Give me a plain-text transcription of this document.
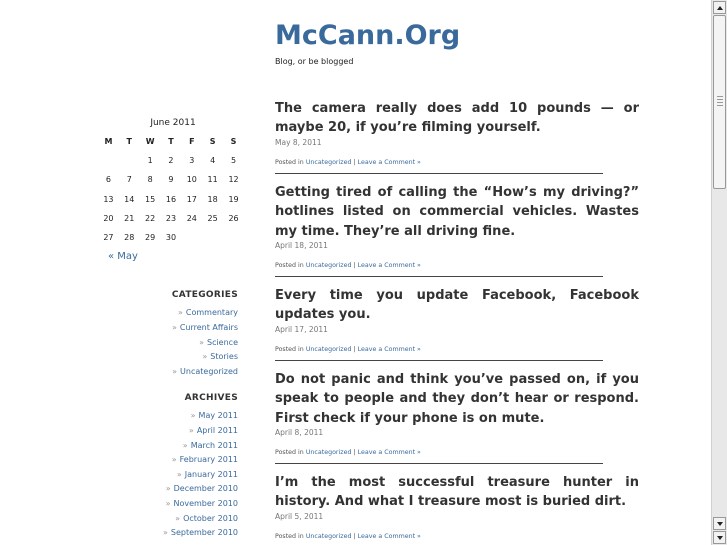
McCann.Org
Blog, or be blogged
June 2011
M	T	W	T	F	S	S
		1	2	3	4	5
6	7	8	9	10	11	12
13	14	15	16	17	18	19
20	21	22	23	24	25	26
27	28	29	30			
« May
CATEGORIES
» Commentary
» Current Affairs
» Science
» Stories
» Uncategorized
ARCHIVES
» May 2011
» April 2011
» March 2011
» February 2011
» January 2011
» December 2010
» November 2010
» October 2010
» September 2010
The camera really does add 10 pounds — or maybe 20, if you’re filming yourself.
May 8, 2011
Posted in Uncategorized | Leave a Comment »
Getting tired of calling the “How’s my driving?” hotlines listed on commercial vehicles. Wastes my time. They’re all driving fine.
April 18, 2011
Posted in Uncategorized | Leave a Comment »
Every time you update Facebook, Facebook updates you.
April 17, 2011
Posted in Uncategorized | Leave a Comment »
Do not panic and think you’ve passed on, if you speak to people and they don’t hear or respond. First check if your phone is on mute.
April 8, 2011
Posted in Uncategorized | Leave a Comment »
I’m the most successful treasure hunter in history. And what I treasure most is buried dirt.
April 5, 2011
Posted in Uncategorized | Leave a Comment »
